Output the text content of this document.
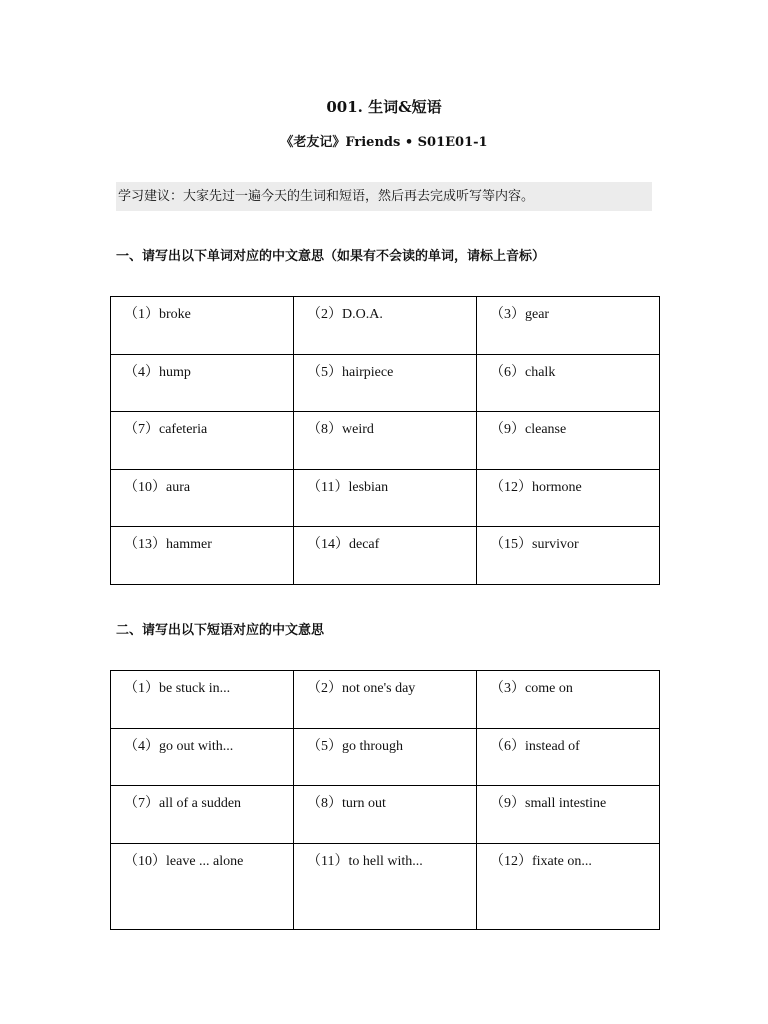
001. 生词&短语
《老友记》Friends • S01E01-1
学习建议：大家先过一遍今天的生词和短语，然后再去完成听写等内容。
一、请写出以下单词对应的中文意思（如果有不会读的单词，请标上音标）
（1）broke	（2）D.O.A.	（3）gear
（4）hump	（5）hairpiece	（6）chalk
（7）cafeteria	（8）weird	（9）cleanse
（10）aura	（11）lesbian	（12）hormone
（13）hammer	（14）decaf	（15）survivor
二、请写出以下短语对应的中文意思
（1）be stuck in...	（2）not one's day	（3）come on
（4）go out with...	（5）go through	（6）instead of
（7）all of a sudden	（8）turn out	（9）small intestine
（10）leave ... alone	（11）to hell with...	（12）fixate on...
